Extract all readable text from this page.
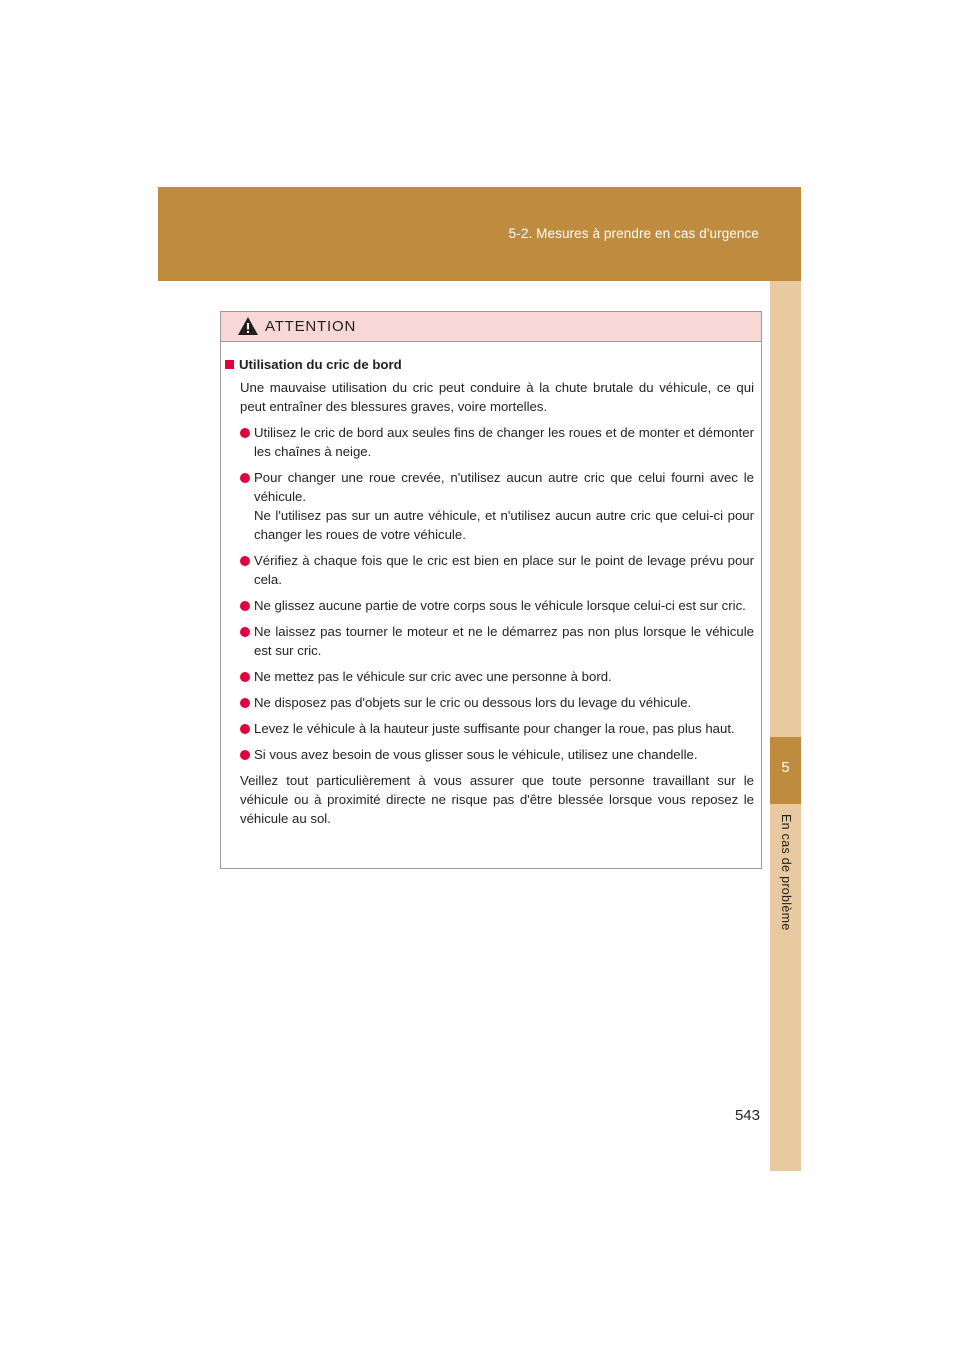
5-2. Mesures à prendre en cas d'urgence
5
En cas de problème
ATTENTION
Utilisation du cric de bord
Une mauvaise utilisation du cric peut conduire à la chute brutale du véhicule, ce qui peut entraîner des blessures graves, voire mortelles.
Utilisez le cric de bord aux seules fins de changer les roues et de monter et démonter les chaînes à neige.
Pour changer une roue crevée, n'utilisez aucun autre cric que celui fourni avec le véhicule.
Ne l'utilisez pas sur un autre véhicule, et n'utilisez aucun autre cric que celui-ci pour changer les roues de votre véhicule.
Vérifiez à chaque fois que le cric est bien en place sur le point de levage prévu pour cela.
Ne glissez aucune partie de votre corps sous le véhicule lorsque celui-ci est sur cric.
Ne laissez pas tourner le moteur et ne le démarrez pas non plus lorsque le véhicule est sur cric.
Ne mettez pas le véhicule sur cric avec une personne à bord.
Ne disposez pas d'objets sur le cric ou dessous lors du levage du véhicule.
Levez le véhicule à la hauteur juste suffisante pour changer la roue, pas plus haut.
Si vous avez besoin de vous glisser sous le véhicule, utilisez une chandelle.
Veillez tout particulièrement à vous assurer que toute personne travaillant sur le véhicule ou à proximité directe ne risque pas d'être blessée lorsque vous reposez le véhicule au sol.
543
